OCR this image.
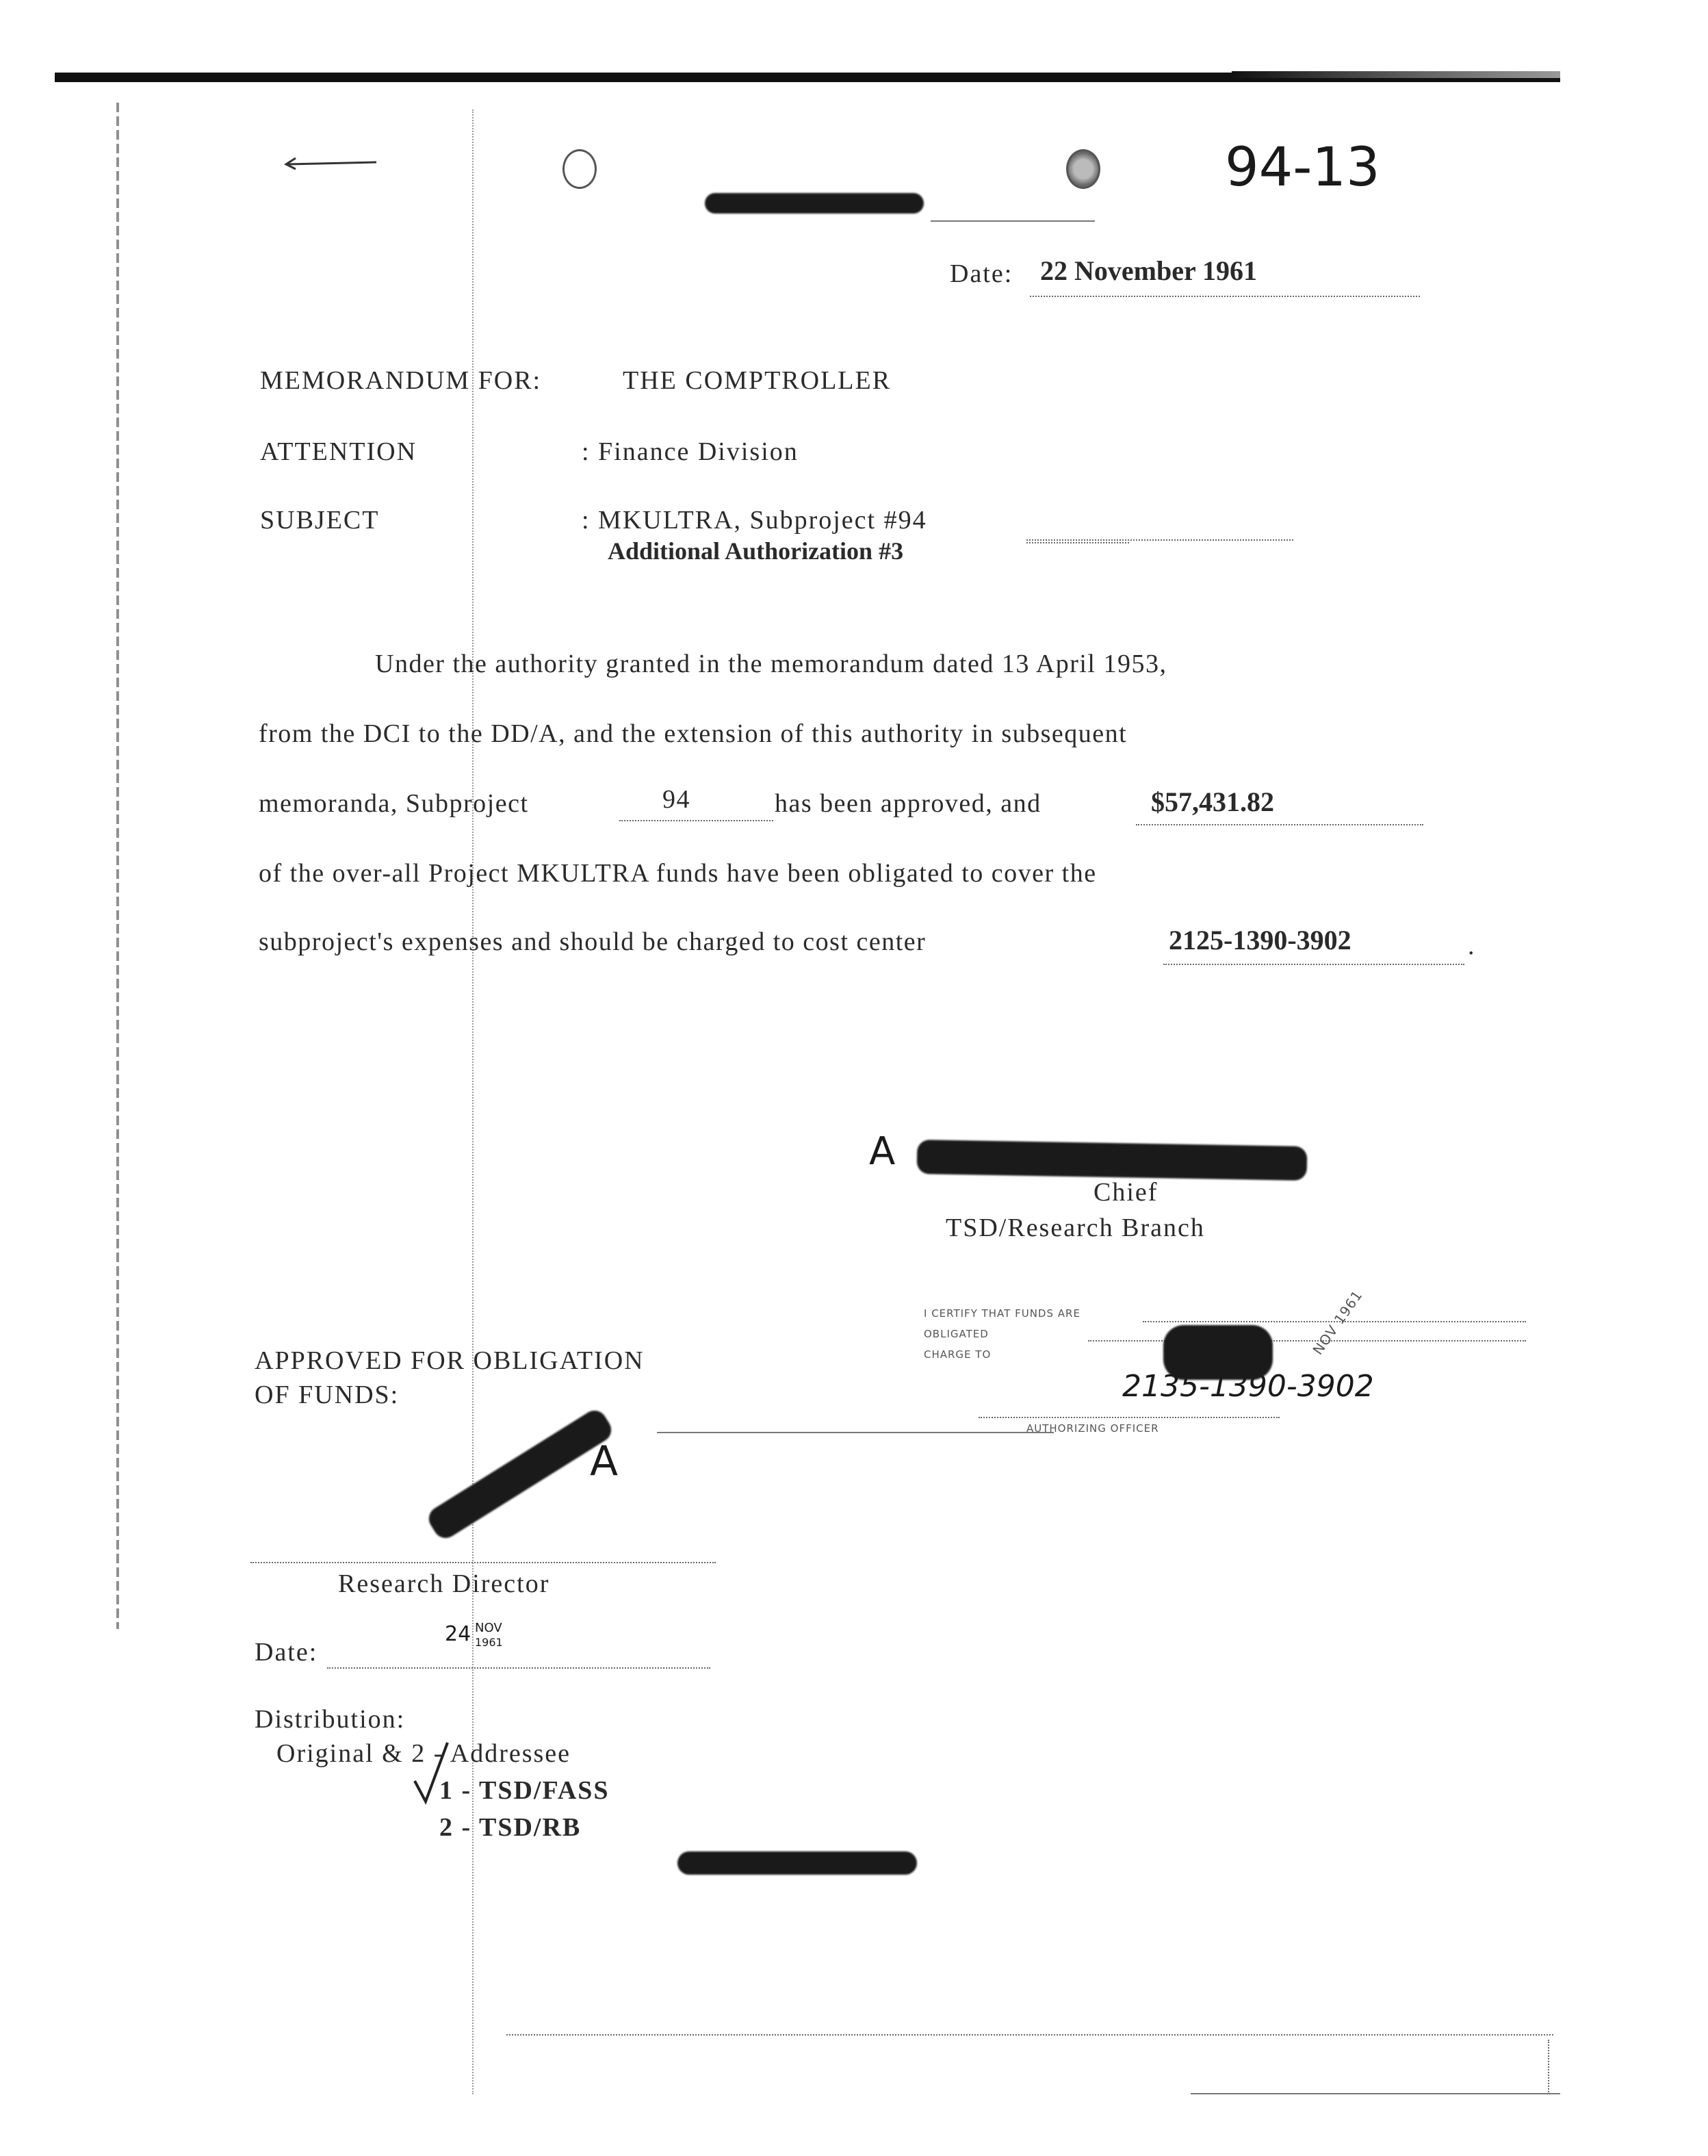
94-13
Date: 22 November 1961
MEMORANDUM FOR:	THE COMPTROLLER
ATTENTION	: Finance Division
SUBJECT	: MKULTRA, Subproject #94
Additional Authorization #3
Under the authority granted in the memorandum dated 13 April 1953,
from the DCI to the DD/A, and the extension of this authority in subsequent
memoranda, Subproject	94	has been approved, and	$57,431.82
of the over-all Project MKULTRA funds have been obligated to cover the
subproject's expenses and should be charged to cost center	2125-1390-3902	.
A
Chief
TSD/Research Branch
I CERTIFY THAT FUNDS ARE
OBLIGATED
CHARGE TO	NOV 1961
2135-1390-3902
AUTHORIZING OFFICER
APPROVED FOR OBLIGATION
OF FUNDS:
A
Research Director
Date:
24 NOV
1961
Distribution:
Original & 2 - Addressee
1 - TSD/FASS
2 - TSD/RB
